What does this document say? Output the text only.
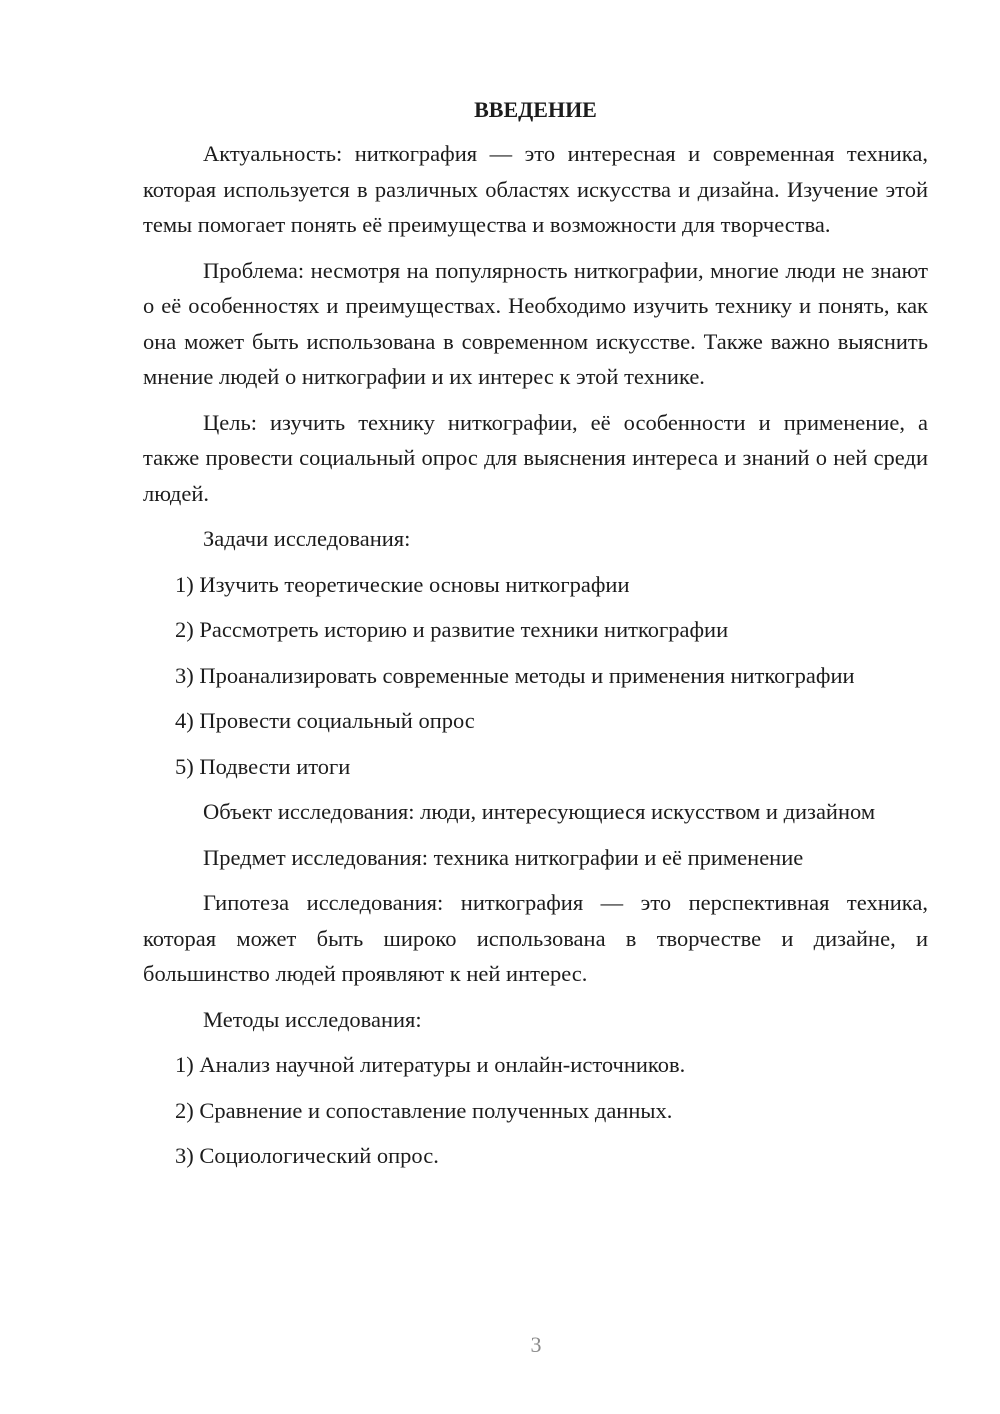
ВВЕДЕНИЕ

Актуальность: ниткография — это интересная и современная техника, которая используется в различных областях искусства и дизайна. Изучение этой темы помогает понять её преимущества и возможности для творчества.

Проблема: несмотря на популярность ниткографии, многие люди не знают о её особенностях и преимуществах. Необходимо изучить технику и понять, как она может быть использована в современном искусстве. Также важно выяснить мнение людей о ниткографии и их интерес к этой технике.

Цель: изучить технику ниткографии, её особенности и применение, а также провести социальный опрос для выяснения интереса и знаний о ней среди людей.

Задачи исследования:

1) Изучить теоретические основы ниткографии

2) Рассмотреть историю и развитие техники ниткографии

3) Проанализировать современные методы и применения ниткографии

4) Провести социальный опрос

5) Подвести итоги

Объект исследования: люди, интересующиеся искусством и дизайном

Предмет исследования: техника ниткографии и её применение

Гипотеза исследования: ниткография — это перспективная техника, которая может быть широко использована в творчестве и дизайне, и большинство людей проявляют к ней интерес.

Методы исследования:

1) Анализ научной литературы и онлайн-источников.

2) Сравнение и сопоставление полученных данных.

3) Социологический опрос.

3
